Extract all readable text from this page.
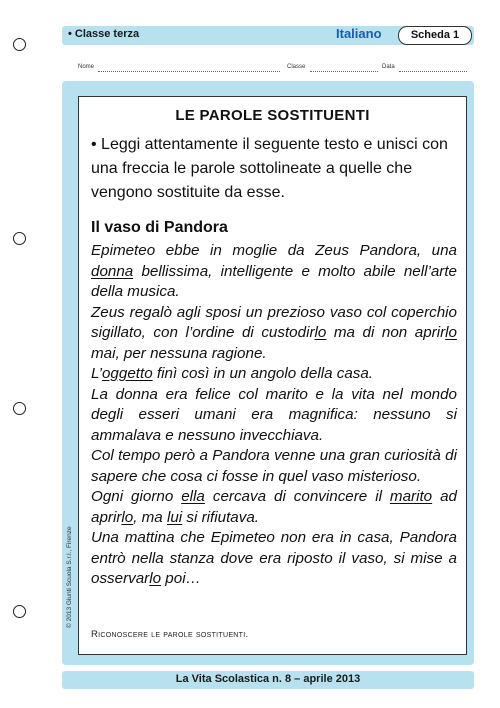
• Classe terza	Italiano	Scheda 1
Nome	Classe	Data
LE PAROLE SOSTITUENTI
• Leggi attentamente il seguente testo e unisci con una freccia le parole sottolineate a quelle che vengono sostituite da esse.
Il vaso di Pandora

Epimeteo ebbe in moglie da Zeus Pandora, una donna bellissima, intelligente e molto abile nell’arte della musica.

Zeus regalò agli sposi un prezioso vaso col coperchio sigillato, con l’ordine di custodirlo ma di non aprirlo mai, per nessuna ragione.

L’oggetto finì così in un angolo della casa.

La donna era felice col marito e la vita nel mondo degli esseri umani era magnifica: nessuno si ammalava e nessuno invecchiava.

Col tempo però a Pandora venne una gran curiosità di sapere che cosa ci fosse in quel vaso misterioso.

Ogni giorno ella cercava di convincere il marito ad aprirlo, ma lui si rifiutava.

Una mattina che Epimeteo non era in casa, Pandora entrò nella stanza dove era riposto il vaso, si mise a osservarlo poi…

Riconoscere le parole sostituenti.
© 2013 Giunti Scuola S.r.l., Firenze
La Vita Scolastica n. 8 – aprile 2013
